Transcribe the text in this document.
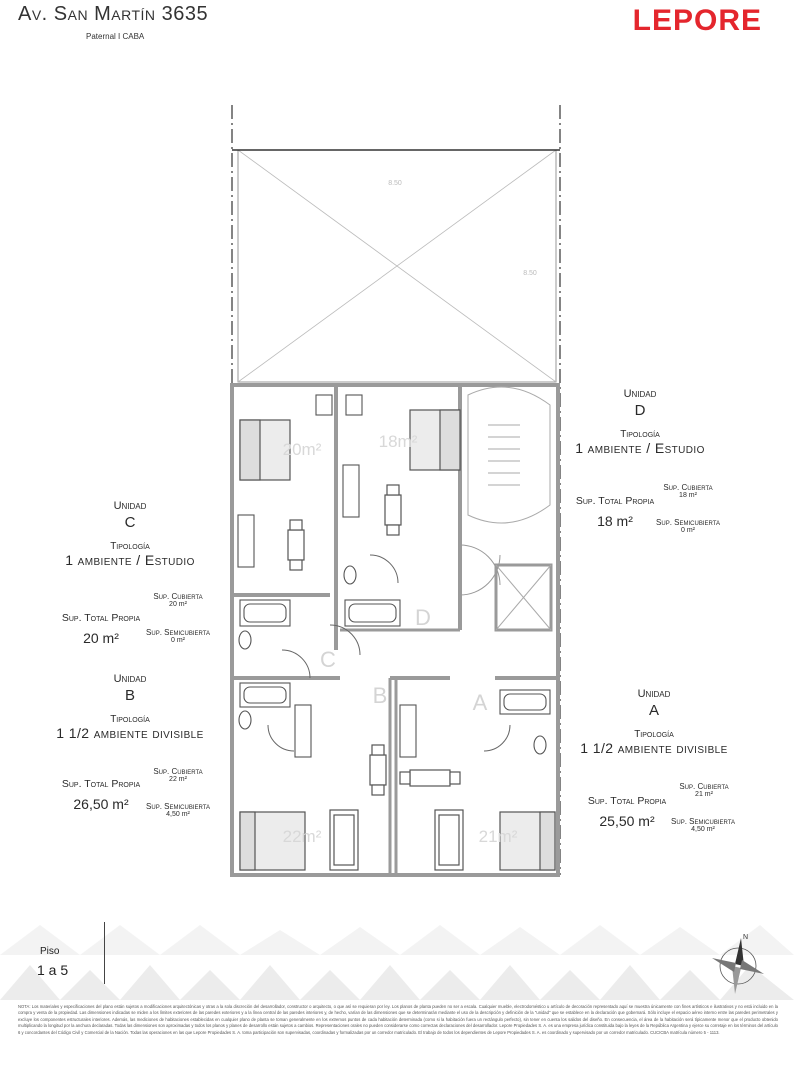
Av. San Martín 3635
Paternal I CABA	LEPORE
8.50
8.50
C
D
B	A
20m²	18m²
22m²	21m²
Unidad
D
Tipología
1 ambiente / Estudio
Sup. Total Propia
18 m²
Sup. Cubierta
18 m²
Sup. Semicubierta
0 m²
Unidad
C
Tipología
1 ambiente / Estudio
Sup. Total Propia
20 m²
Sup. Cubierta
20 m²
Sup. Semicubierta
0 m²
Unidad
B
Tipología
1 1/2 ambiente divisible
Sup. Total Propia
26,50 m²
Sup. Cubierta
22 m²
Sup. Semicubierta
4,50 m²
Unidad
A
Tipología
1 1/2 ambiente divisible
Sup. Total Propia
25,50 m²
Sup. Cubierta
21 m²
Sup. Semicubierta
4,50 m²
Piso
1 a 5
N
NOTA: Los materiales y especificaciones del plano están sujetos a modificaciones arquitectónicas y otras a la sola discreción del desarrollador, constructor o arquitecto, o que así se requieran por ley. Los planos de planta pueden no ser a escala. Cualquier mueble, electrodoméstico u artículo de decoración representado aquí se muestra únicamente con fines artísticos e ilustrativos y no está incluido en la compra y venta de la propiedad. Las dimensiones indicadas se miden a los límites exteriores de las paredes exteriores y a la línea central de las paredes interiores y, de hecho, varían de las dimensiones que se determinarán mediante el uso de la descripción y definición de la "unidad" que se establece en la declaración que gobernará. Sólo incluye el espacio aéreo interno entre las paredes perimetrales y excluye los componentes estructurales interiores. Además, las mediciones de habitaciones establecidas en cualquier plano de planta se toman generalmente en los extremos puntos de cada habitación determinada (como si la habitación fuera un rectángulo perfecto), sin tener en cuenta los salidos del diseño. En consecuencia, el área de la habitación será típicamente menor que el producto obtenido multiplicando la longitud por la anchura declaradas. Todas las dimensiones son aproximadas y todos los planos y planes de desarrollo están sujetos a cambios. Representaciones orales no pueden considerarse como correctas declaraciones del desarrollador. Lepore Propiedades S. A. es una empresa jurídica constituida bajo la leyes de la República Argentina y ejerce su corretaje en los términos del artículo 6 y concordantes del Código Civil y Comercial de la Nación. Todas las operaciones en las que Lepore Propiedades S. A. toma participación son supervisadas, coordinadas y formalizadas por un corredor matriculado. El trabajo de todos los dependientes de Lepore Propiedades S. A. es coordinado y supervisado por un corredor matriculado. CUCICBA matrícula número 5 - 1113.
